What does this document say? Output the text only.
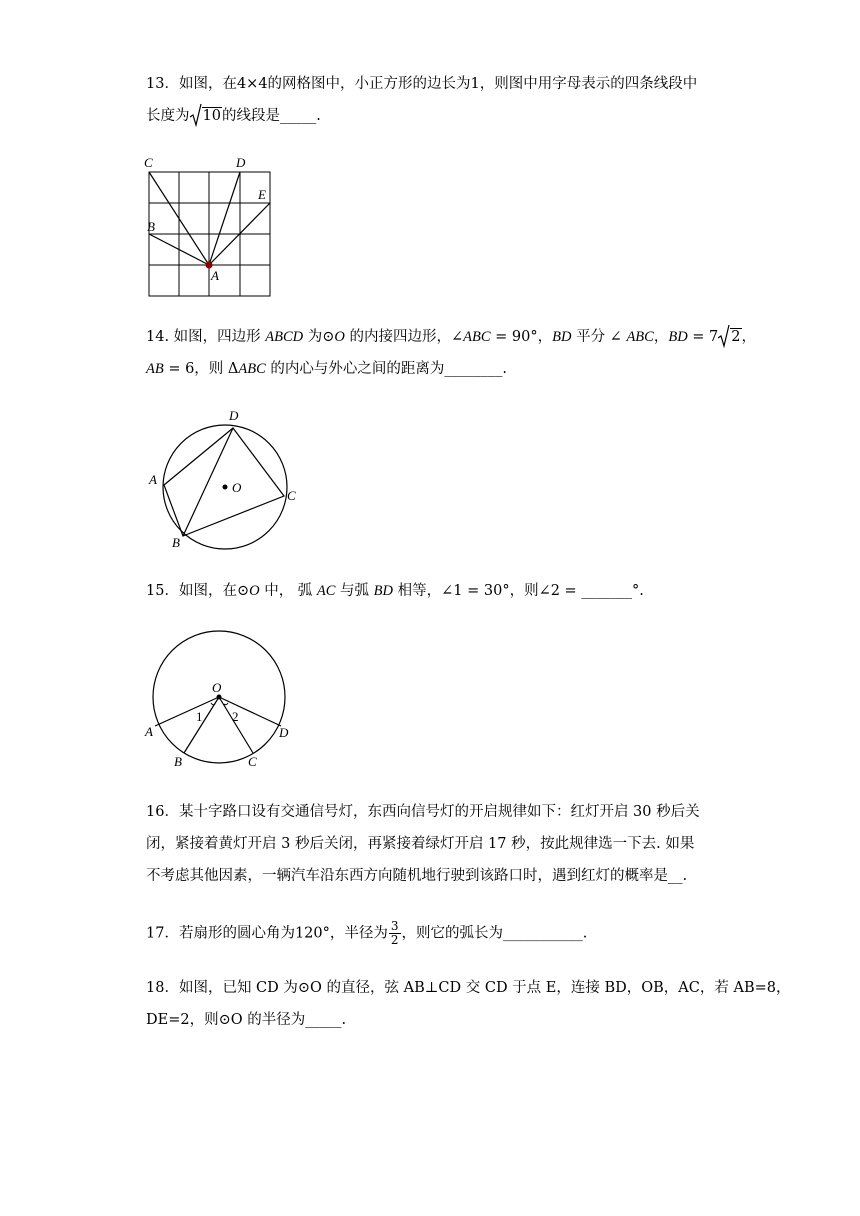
13．如图，在4×4的网格图中，小正方形的边长为1，则图中用字母表示的四条线段中
长度为 10的线段是_____.
C	D
E
B
A
14. 如图，四边形 ABCD 为⊙O 的内接四边形，∠ABC = 90°，BD 平分 ∠ ABC，BD = 7 2，
AB = 6，则 ΔABC 的内心与外心之间的距离为________.
D
A
O
C
B
15．如图，在⊙O 中， 弧 AC 与弧 BD 相等，∠1 = 30°，则∠2 = _______°.
O
1 2
A	D
B	C
16．某十字路口设有交通信号灯，东西向信号灯的开启规律如下：红灯开启 30 秒后关
闭，紧接着黄灯开启 3 秒后关闭，再紧接着绿灯开启 17 秒，按此规律选一下去. 如果
不考虑其他因素，一辆汽车沿东西方向随机地行驶到该路口时，遇到红灯的概率是__.
17．若扇形的圆心角为120°，半径为 $\frac{3}{2}$ ，则它的弧长为___________.
18．如图，已知 CD 为⊙O 的直径，弦 AB⊥CD 交 CD 于点 E，连接 BD，OB，AC，若 AB=8，
DE=2，则⊙O 的半径为_____.
